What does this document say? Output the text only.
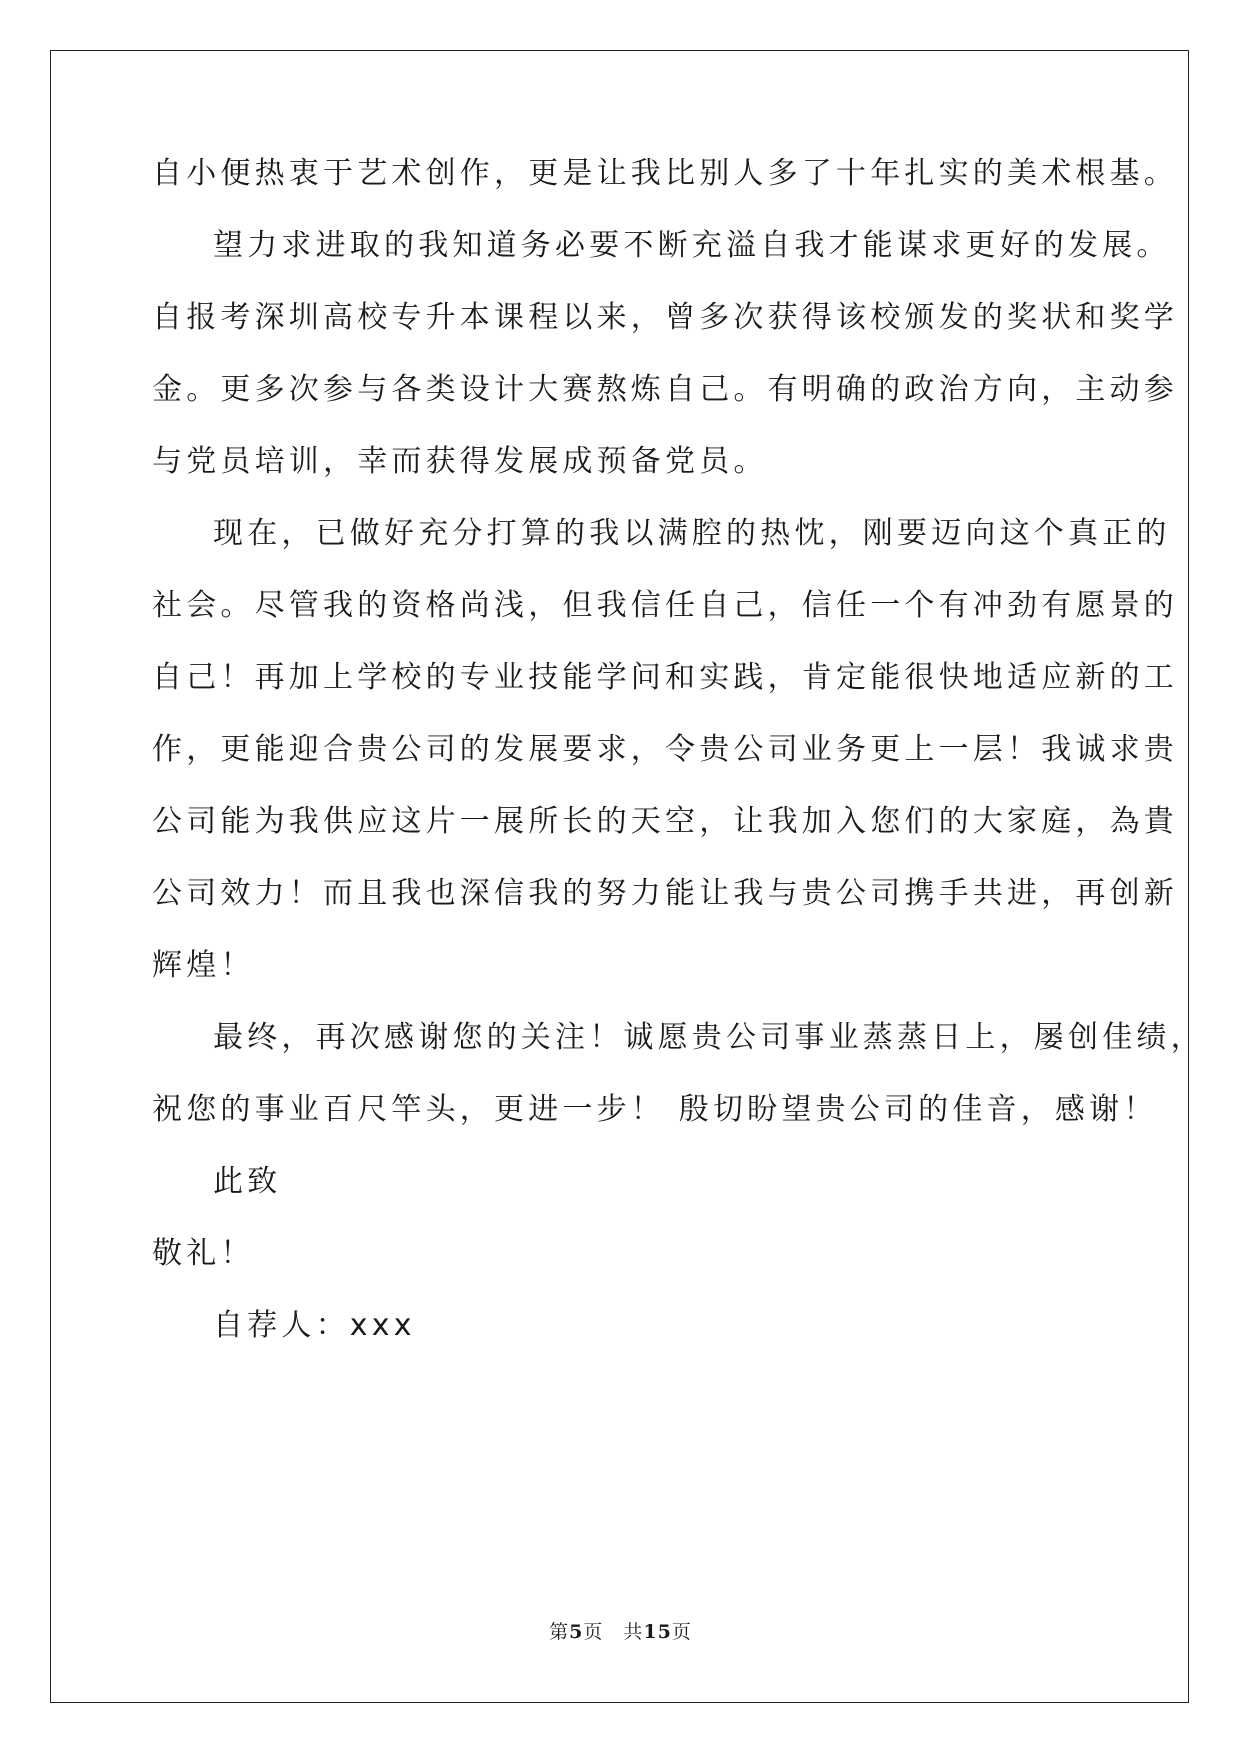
自小便热衷于艺术创作，更是让我比别人多了十年扎实的美术根基。
望力求进取的我知道务必要不断充溢自我才能谋求更好的发展。
自报考深圳高校专升本课程以来，曾多次获得该校颁发的奖状和奖学
金。更多次参与各类设计大赛熬炼自己。有明确的政治方向，主动参
与党员培训，幸而获得发展成预备党员。
现在，已做好充分打算的我以满腔的热忱，刚要迈向这个真正的
社会。尽管我的资格尚浅，但我信任自己，信任一个有冲劲有愿景的
自己！再加上学校的专业技能学问和实践，肯定能很快地适应新的工
作，更能迎合贵公司的发展要求，令贵公司业务更上一层！我诚求贵
公司能为我供应这片一展所长的天空，让我加入您们的大家庭，為貴
公司效力！而且我也深信我的努力能让我与贵公司携手共进，再创新
辉煌！
最终，再次感谢您的关注！诚愿贵公司事业蒸蒸日上，屡创佳绩，
祝您的事业百尺竿头，更进一步！ 殷切盼望贵公司的佳音，感谢！
此致
敬礼！
自荐人：xxx
第5页 共15页
